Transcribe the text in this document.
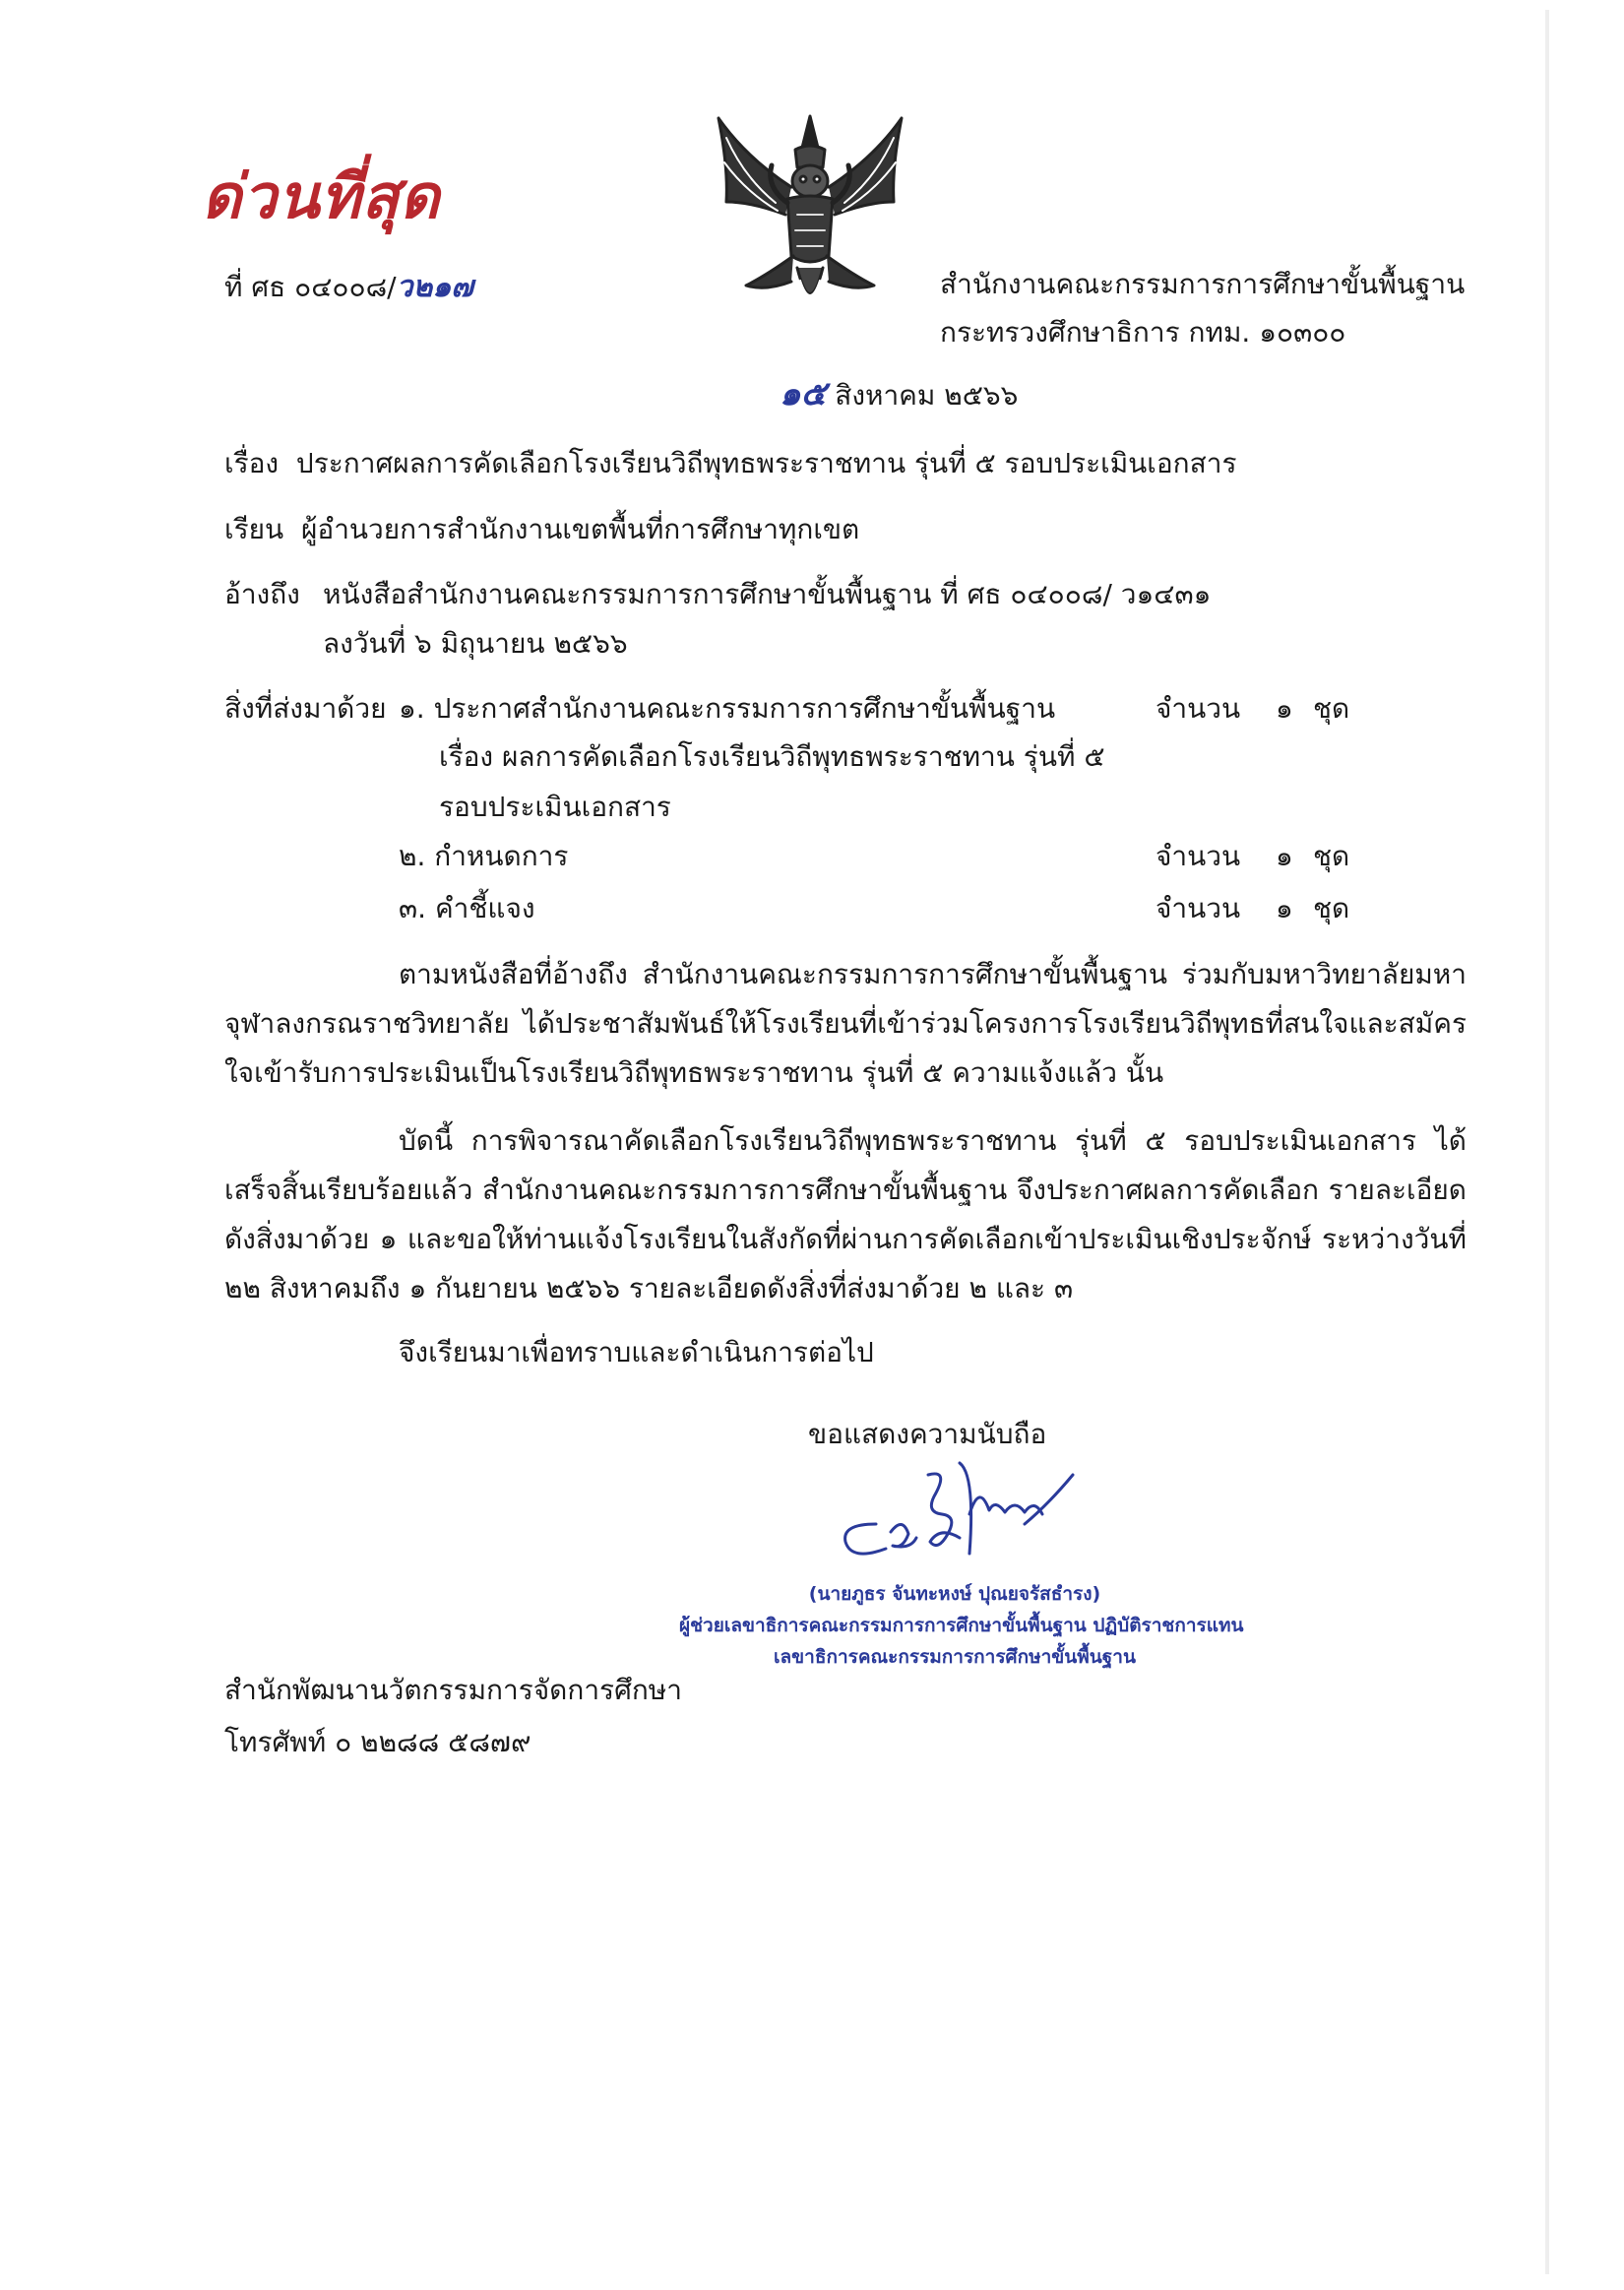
ด่วนที่สุด
ที่ ศธ ๐๔๐๐๘/ว๒๑๗	สำนักงานคณะกรรมการการศึกษาขั้นพื้นฐาน
กระทรวงศึกษาธิการ กทม. ๑๐๓๐๐
๑๕ สิงหาคม ๒๕๖๖
เรื่อง ประกาศผลการคัดเลือกโรงเรียนวิถีพุทธพระราชทาน รุ่นที่ ๕ รอบประเมินเอกสาร
เรียน ผู้อำนวยการสำนักงานเขตพื้นที่การศึกษาทุกเขต
อ้างถึง หนังสือสำนักงานคณะกรรมการการศึกษาขั้นพื้นฐาน ที่ ศธ ๐๔๐๐๘/ ว๑๔๓๑
ลงวันที่ ๖ มิถุนายน ๒๕๖๖
สิ่งที่ส่งมาด้วย ๑. ประกาศสำนักงานคณะกรรมการการศึกษาขั้นพื้นฐาน
เรื่อง ผลการคัดเลือกโรงเรียนวิถีพุทธพระราชทาน รุ่นที่ ๕
รอบประเมินเอกสาร
จำนวน ๑ ชุด
๒. กำหนดการ	จำนวน ๑ ชุด
๓. คำชี้แจง	จำนวน ๑ ชุด
ตามหนังสือที่อ้างถึง สำนักงานคณะกรรมการการศึกษาขั้นพื้นฐาน ร่วมกับมหาวิทยาลัยมหาจุฬาลงกรณราชวิทยาลัย ได้ประชาสัมพันธ์ให้โรงเรียนที่เข้าร่วมโครงการโรงเรียนวิถีพุทธที่สนใจและสมัครใจเข้ารับการประเมินเป็นโรงเรียนวิถีพุทธพระราชทาน รุ่นที่ ๕ ความแจ้งแล้ว นั้น
บัดนี้ การพิจารณาคัดเลือกโรงเรียนวิถีพุทธพระราชทาน รุ่นที่ ๕ รอบประเมินเอกสาร ได้เสร็จสิ้นเรียบร้อยแล้ว สำนักงานคณะกรรมการการศึกษาขั้นพื้นฐาน จึงประกาศผลการคัดเลือก รายละเอียดดังสิ่งมาด้วย ๑ และขอให้ท่านแจ้งโรงเรียนในสังกัดที่ผ่านการคัดเลือกเข้าประเมินเชิงประจักษ์ ระหว่างวันที่ ๒๒ สิงหาคมถึง ๑ กันยายน ๒๕๖๖ รายละเอียดดังสิ่งที่ส่งมาด้วย ๒ และ ๓
จึงเรียนมาเพื่อทราบและดำเนินการต่อไป
ขอแสดงความนับถือ
(นายภูธร จันทะหงษ์ ปุณยจรัสธำรง)
ผู้ช่วยเลขาธิการคณะกรรมการการศึกษาขั้นพื้นฐาน ปฏิบัติราชการแทน
เลขาธิการคณะกรรมการการศึกษาขั้นพื้นฐาน
สำนักพัฒนานวัตกรรมการจัดการศึกษา
โทรศัพท์ ๐ ๒๒๘๘ ๕๘๗๙
